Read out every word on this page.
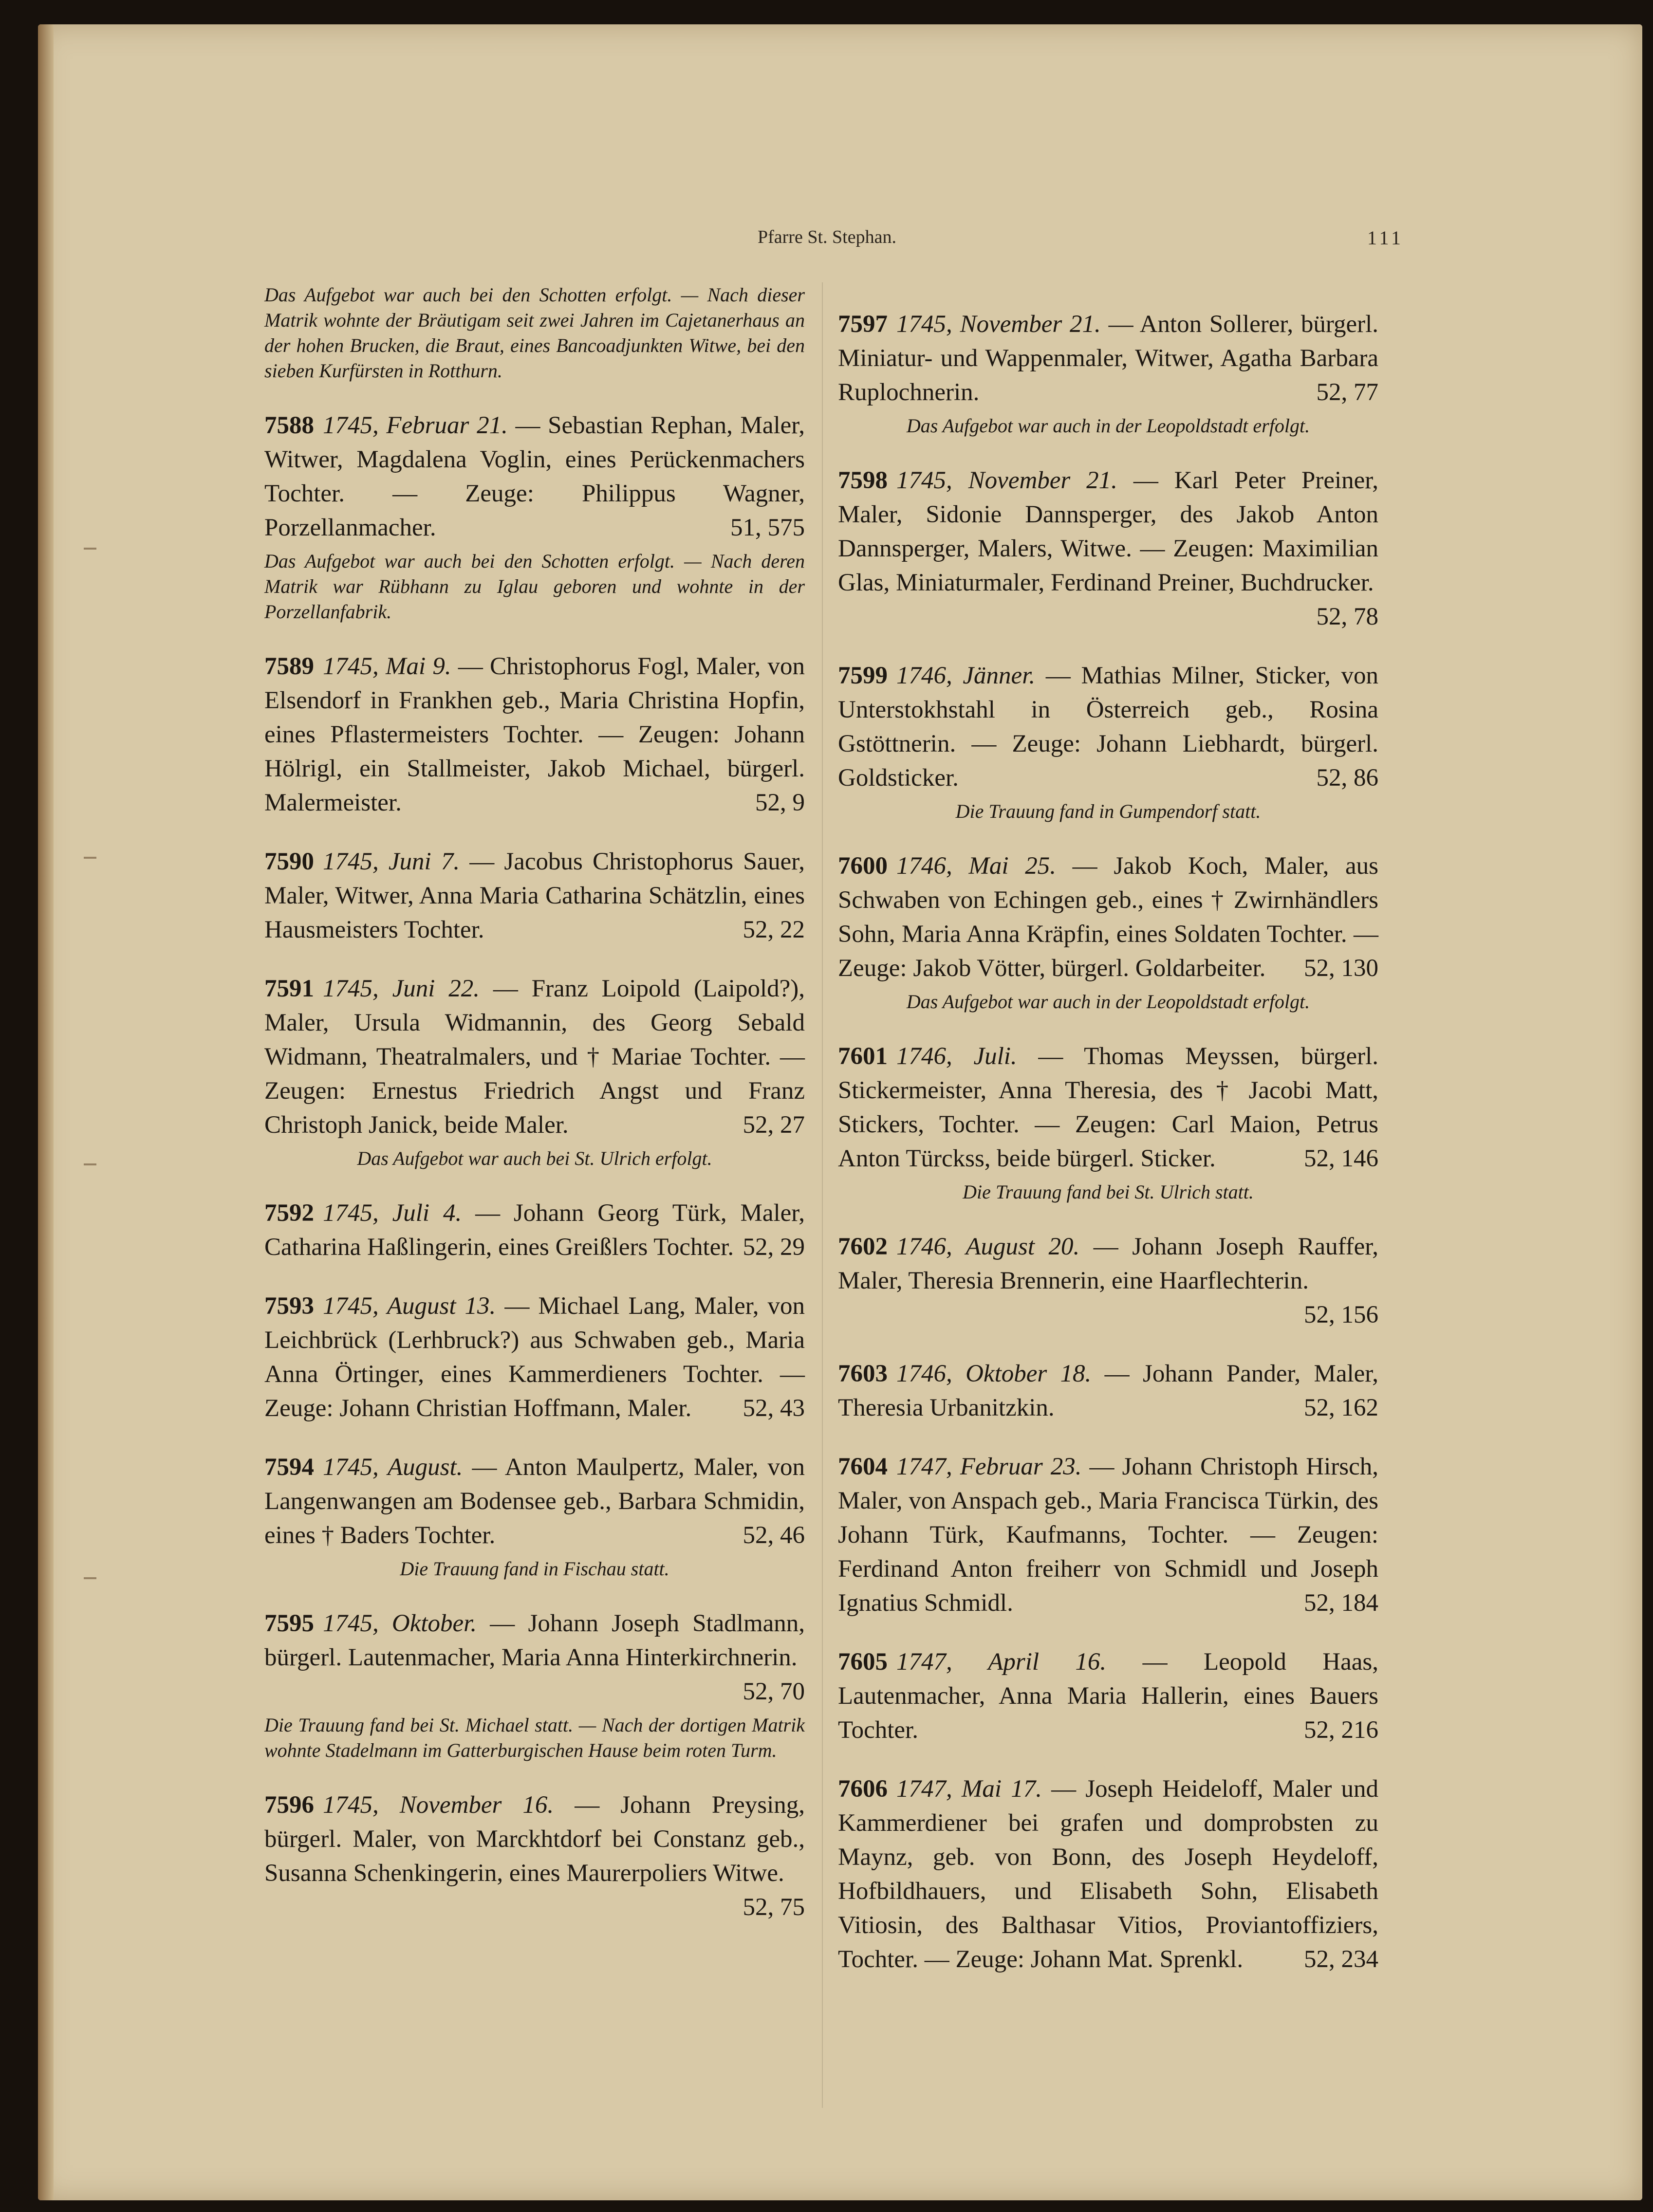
Pfarre St. Stephan.	111

Das Aufgebot war auch bei den Schotten erfolgt. — Nach dieser Matrik wohnte der Bräutigam seit zwei Jahren im Cajetanerhaus an der hohen Brucken, die Braut, eines Bancoadjunkten Witwe, bei den sieben Kurfürsten in Rotthurn.

7588 1745, Februar 21. — Sebastian Rephan, Maler, Witwer, Magdalena Voglin, eines Perückenmachers Tochter. — Zeuge: Philippus Wagner, Porzellanmacher.	51, 575

Das Aufgebot war auch bei den Schotten erfolgt. — Nach deren Matrik war Rübhann zu Iglau geboren und wohnte in der Porzellanfabrik.

7589 1745, Mai 9. — Christophorus Fogl, Maler, von Elsendorf in Frankhen geb., Maria Christina Hopfin, eines Pflastermeisters Tochter. — Zeugen: Johann Hölrigl, ein Stallmeister, Jakob Michael, bürgerl. Malermeister.	52, 9

7590 1745, Juni 7. — Jacobus Christophorus Sauer, Maler, Witwer, Anna Maria Catharina Schätzlin, eines Hausmeisters Tochter.	52, 22

7591 1745, Juni 22. — Franz Loipold (Laipold?), Maler, Ursula Widmannin, des Georg Sebald Widmann, Theatralmalers, und † Mariae Tochter. — Zeugen: Ernestus Friedrich Angst und Franz Christoph Janick, beide Maler.	52, 27

Das Aufgebot war auch bei St. Ulrich erfolgt.

7592 1745, Juli 4. — Johann Georg Türk, Maler, Catharina Haßlingerin, eines Greißlers Tochter. 52, 29

7593 1745, August 13. — Michael Lang, Maler, von Leichbrück (Lerhbruck?) aus Schwaben geb., Maria Anna Örtinger, eines Kammerdieners Tochter. — Zeuge: Johann Christian Hoffmann, Maler. 52, 43

7594 1745, August. — Anton Maulpertz, Maler, von Langenwangen am Bodensee geb., Barbara Schmidin, eines † Baders Tochter.	52, 46

Die Trauung fand in Fischau statt.

7595 1745, Oktober. — Johann Joseph Stadlmann, bürgerl. Lautenmacher, Maria Anna Hinterkirchnerin.
52, 70

Die Trauung fand bei St. Michael statt. — Nach der dortigen Matrik wohnte Stadelmann im Gatterburgischen Hause beim roten Turm.

7596 1745, November 16. — Johann Preysing, bürgerl. Maler, von Marckhtdorf bei Constanz geb., Susanna Schenkingerin, eines Maurerpoliers Witwe.
52, 75

7597 1745, November 21. — Anton Sollerer, bürgerl. Miniatur- und Wappenmaler, Witwer, Agatha Barbara Ruplochnerin.	52, 77

Das Aufgebot war auch in der Leopoldstadt erfolgt.

7598 1745, November 21. — Karl Peter Preiner, Maler, Sidonie Dannsperger, des Jakob Anton Dannsperger, Malers, Witwe. — Zeugen: Maximilian Glas, Miniaturmaler, Ferdinand Preiner, Buchdrucker.
52, 78

7599 1746, Jänner. — Mathias Milner, Sticker, von Unterstokhstahl in Österreich geb., Rosina Gstöttnerin. — Zeuge: Johann Liebhardt, bürgerl. Goldsticker.	52, 86

Die Trauung fand in Gumpendorf statt.

7600 1746, Mai 25. — Jakob Koch, Maler, aus Schwaben von Echingen geb., eines † Zwirnhändlers Sohn, Maria Anna Kräpfin, eines Soldaten Tochter. — Zeuge: Jakob Vötter, bürgerl. Goldarbeiter. 52, 130

Das Aufgebot war auch in der Leopoldstadt erfolgt.

7601 1746, Juli. — Thomas Meyssen, bürgerl. Stickermeister, Anna Theresia, des † Jacobi Matt, Stickers, Tochter. — Zeugen: Carl Maion, Petrus Anton Türckss, beide bürgerl. Sticker.	52, 146

Die Trauung fand bei St. Ulrich statt.

7602 1746, August 20. — Johann Joseph Rauffer, Maler, Theresia Brennerin, eine Haarflechterin.
52, 156

7603 1746, Oktober 18. — Johann Pander, Maler, Theresia Urbanitzkin.	52, 162

7604 1747, Februar 23. — Johann Christoph Hirsch, Maler, von Anspach geb., Maria Francisca Türkin, des Johann Türk, Kaufmanns, Tochter. — Zeugen: Ferdinand Anton freiherr von Schmidl und Joseph Ignatius Schmidl.	52, 184

7605 1747, April 16. — Leopold Haas, Lautenmacher, Anna Maria Hallerin, eines Bauers Tochter.	52, 216

7606 1747, Mai 17. — Joseph Heideloff, Maler und Kammerdiener bei grafen und domprobsten zu Maynz, geb. von Bonn, des Joseph Heydeloff, Hofbildhauers, und Elisabeth Sohn, Elisabeth Vitiosin, des Balthasar Vitios, Proviantoffiziers, Tochter. — Zeuge: Johann Mat. Sprenkl. 52, 234
